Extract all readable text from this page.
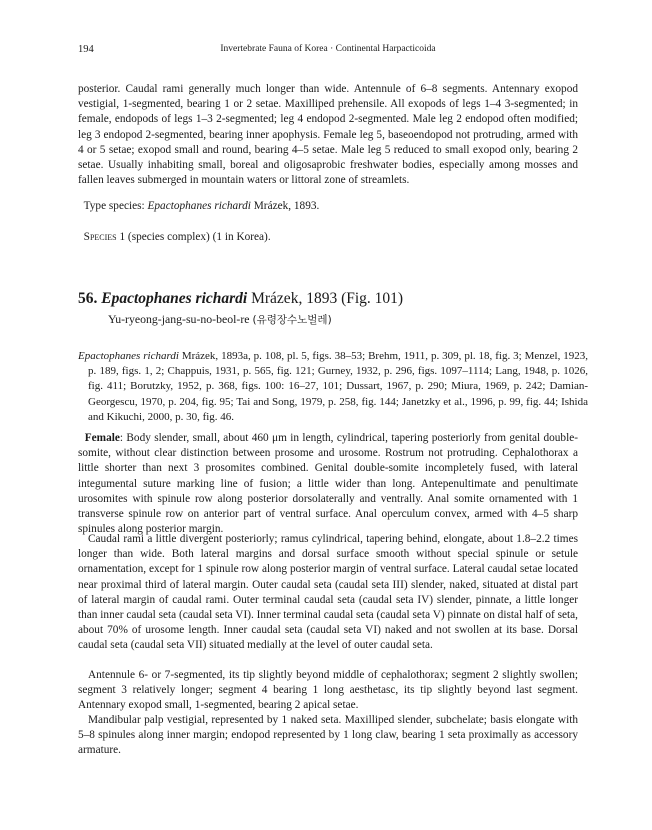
194	Invertebrate Fauna of Korea · Continental Harpacticoida

posterior. Caudal rami generally much longer than wide. Antennule of 6–8 segments. Antennary exopod vestigial, 1-segmented, bearing 1 or 2 setae. Maxilliped prehensile. All exopods of legs 1–4 3-segmented; in female, endopods of legs 1–3 2-segmented; leg 4 endopod 2-segmented. Male leg 2 endopod often modified; leg 3 endopod 2-segmented, bearing inner apophysis. Female leg 5, baseoendopod not protruding, armed with 4 or 5 setae; exopod small and round, bearing 4–5 setae. Male leg 5 reduced to small exopod only, bearing 2 setae. Usually inhabiting small, boreal and oligosaprobic freshwater bodies, especially among mosses and fallen leaves submerged in mountain waters or littoral zone of streamlets.

Type species: Epactophanes richardi Mrázek, 1893.

Species 1 (species complex) (1 in Korea).

56. Epactophanes richardi Mrázek, 1893 (Fig. 101)

Yu-ryeong-jang-su-no-beol-re (유령장수노벌레)

Epactophanes richardi Mrázek, 1893a, p. 108, pl. 5, figs. 38–53; Brehm, 1911, p. 309, pl. 18, fig. 3; Menzel, 1923, p. 189, figs. 1, 2; Chappuis, 1931, p. 565, fig. 121; Gurney, 1932, p. 296, figs. 1097–1114; Lang, 1948, p. 1026, fig. 411; Borutzky, 1952, p. 368, figs. 100: 16–27, 101; Dussart, 1967, p. 290; Miura, 1969, p. 242; Damian-Georgescu, 1970, p. 204, fig. 95; Tai and Song, 1979, p. 258, fig. 144; Janetzky et al., 1996, p. 99, fig. 44; Ishida and Kikuchi, 2000, p. 30, fig. 46.

Female: Body slender, small, about 460 μm in length, cylindrical, tapering posteriorly from genital double-somite, without clear distinction between prosome and urosome. Rostrum not protruding. Cephalothorax a little shorter than next 3 prosomites combined. Genital double-somite incompletely fused, with lateral integumental suture marking line of fusion; a little wider than long. Antepenultimate and penultimate urosomites with spinule row along posterior dorsolaterally and ventrally. Anal somite ornamented with 1 transverse spinule row on anterior part of ventral surface. Anal operculum convex, armed with 4–5 sharp spinules along posterior margin.

Caudal rami a little divergent posteriorly; ramus cylindrical, tapering behind, elongate, about 1.8–2.2 times longer than wide. Both lateral margins and dorsal surface smooth without special spinule or setule ornamentation, except for 1 spinule row along posterior margin of ventral surface. Lateral caudal setae located near proximal third of lateral margin. Outer caudal seta (caudal seta III) slender, naked, situated at distal part of lateral margin of caudal rami. Outer terminal caudal seta (caudal seta IV) slender, pinnate, a little longer than inner caudal seta (caudal seta VI). Inner terminal caudal seta (caudal seta V) pinnate on distal half of seta, about 70% of urosome length. Inner caudal seta (caudal seta VI) naked and not swollen at its base. Dorsal caudal seta (caudal seta VII) situated medially at the level of outer caudal seta.

Antennule 6- or 7-segmented, its tip slightly beyond middle of cephalothorax; segment 2 slightly swollen; segment 3 relatively longer; segment 4 bearing 1 long aesthetasc, its tip slightly beyond last segment. Antennary exopod small, 1-segmented, bearing 2 apical setae.

Mandibular palp vestigial, represented by 1 naked seta. Maxilliped slender, subchelate; basis elongate with 5–8 spinules along inner margin; endopod represented by 1 long claw, bearing 1 seta proximally as accessory armature.
